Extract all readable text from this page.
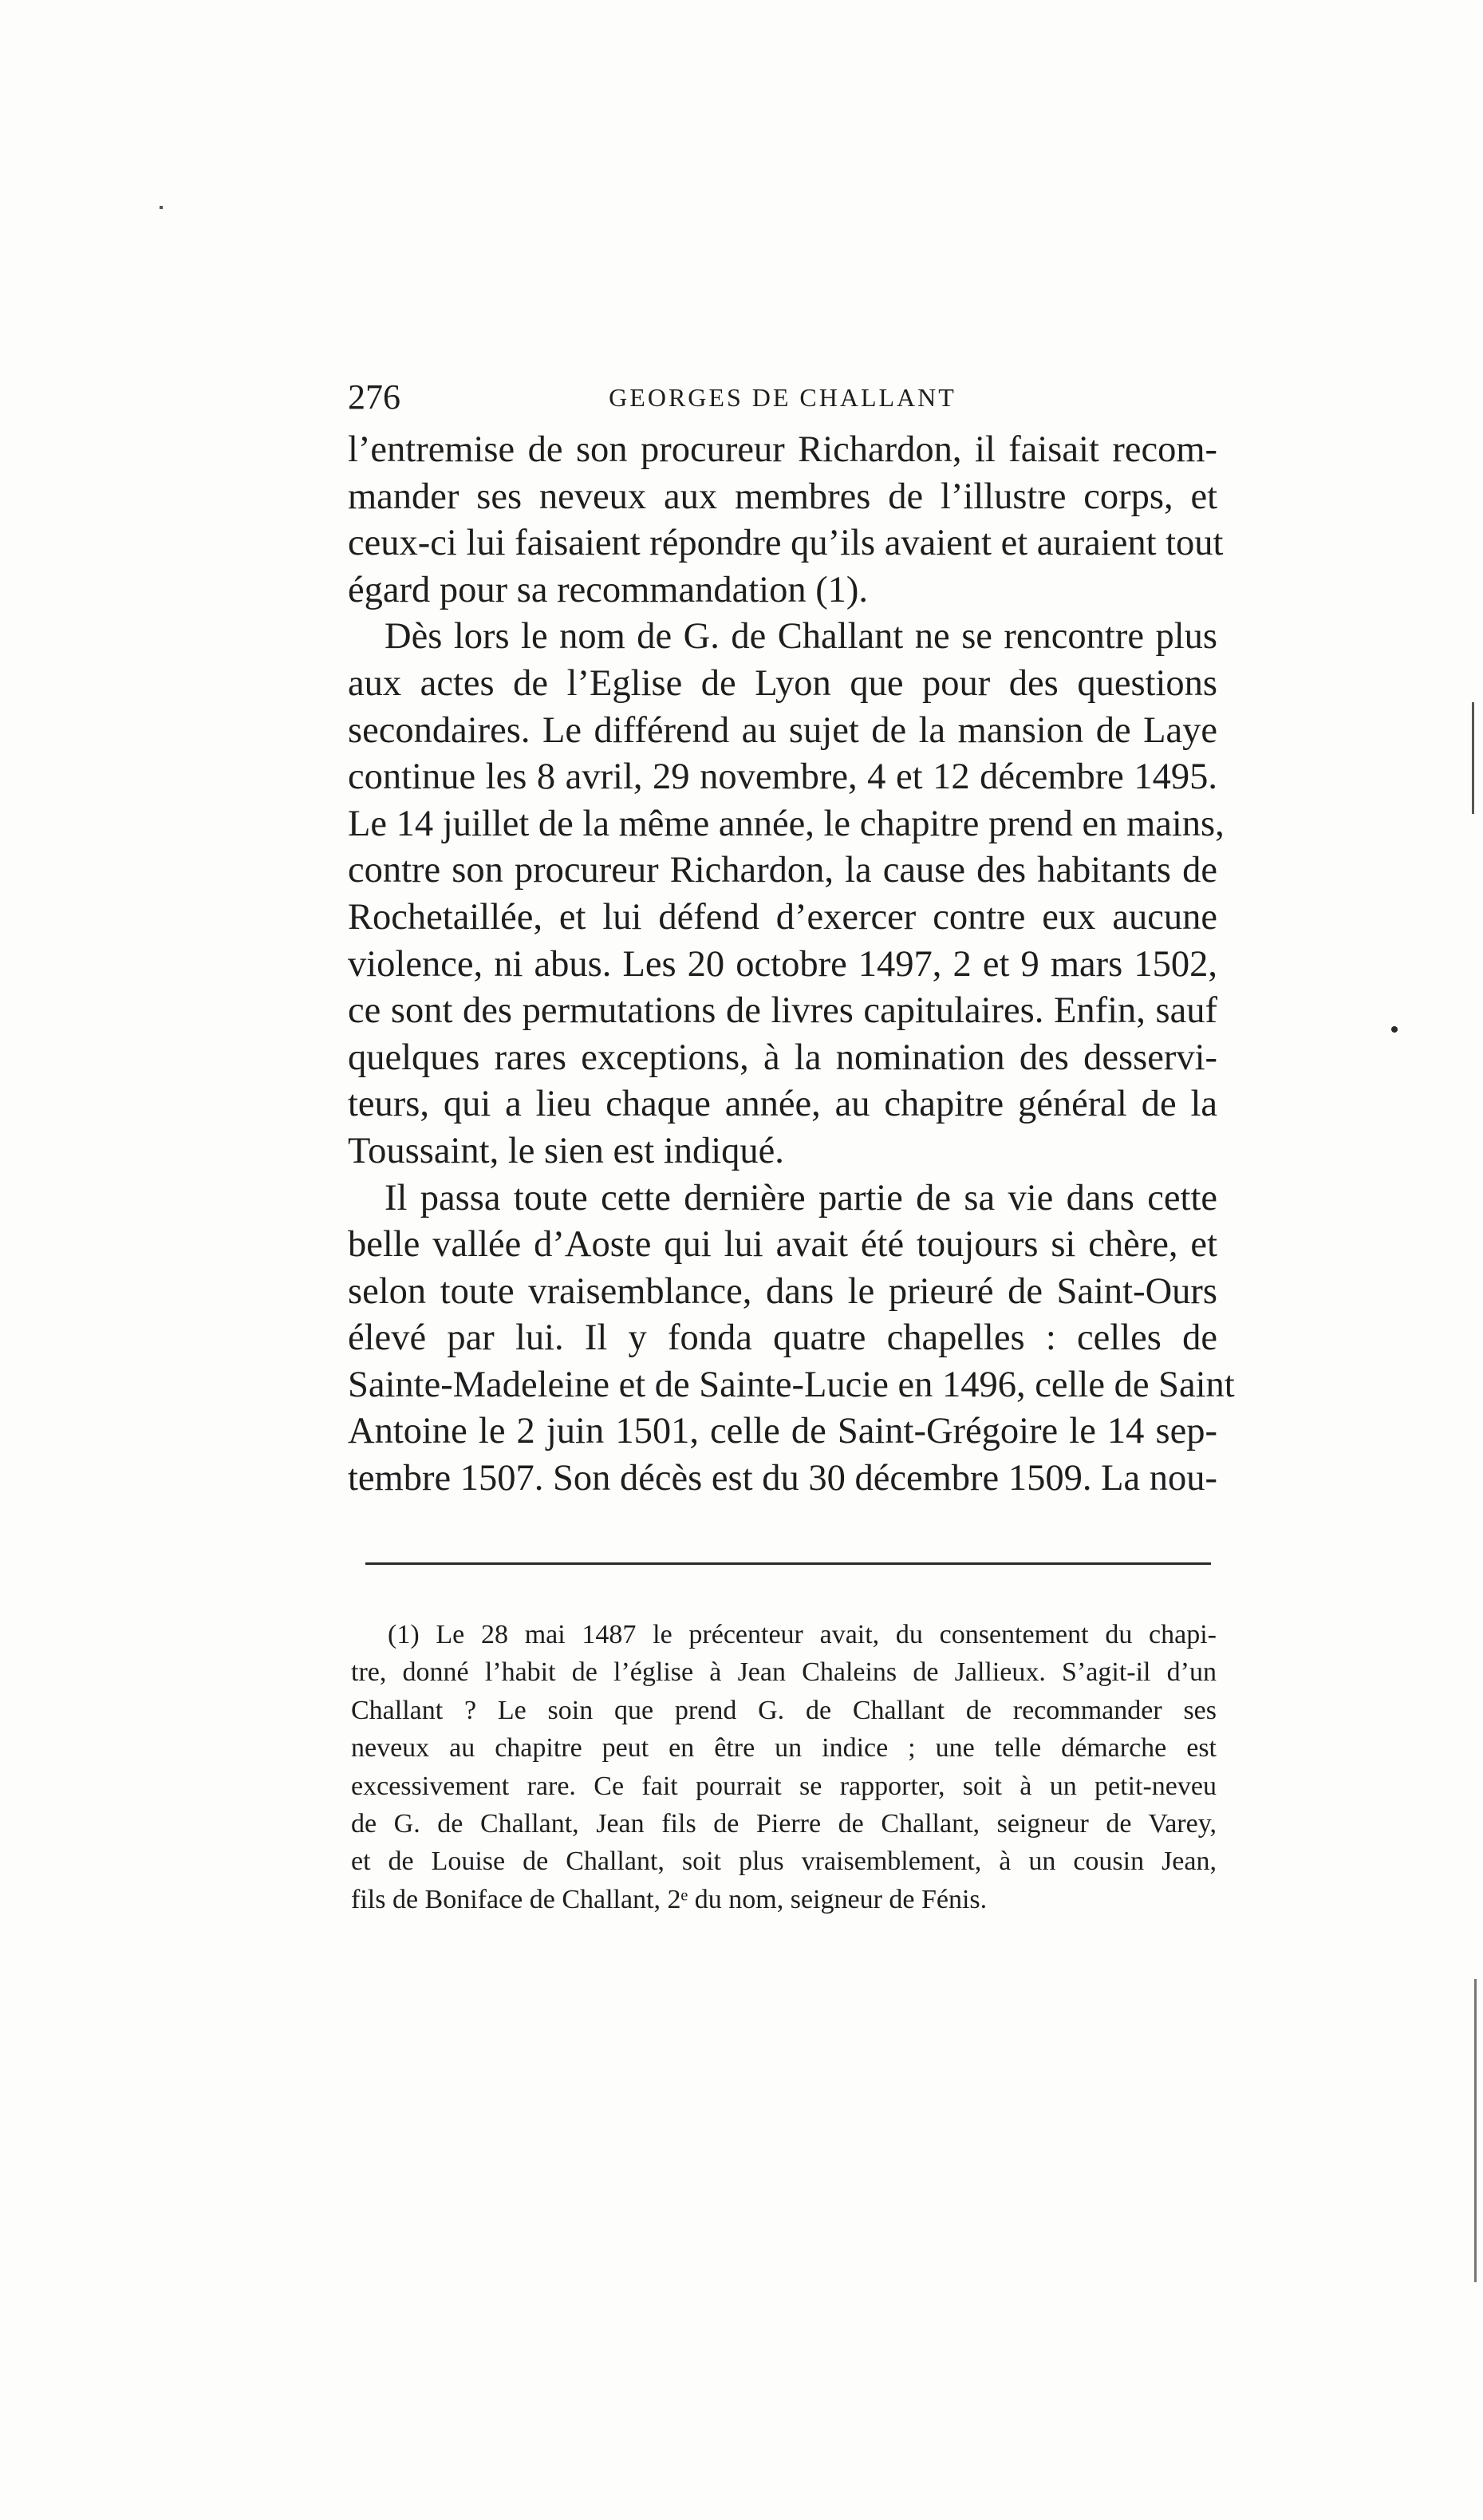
276	GEORGES DE CHALLANT
l’entremise de son procureur Richardon, il faisait recom-
mander ses neveux aux membres de l’illustre corps, et
ceux-ci lui faisaient répondre qu’ils avaient et auraient tout
égard pour sa recommandation (1).
Dès lors le nom de G. de Challant ne se rencontre plus
aux actes de l’Eglise de Lyon que pour des questions
secondaires. Le différend au sujet de la mansion de Laye
continue les 8 avril, 29 novembre, 4 et 12 décembre 1495.
Le 14 juillet de la même année, le chapitre prend en mains,
contre son procureur Richardon, la cause des habitants de
Rochetaillée, et lui défend d’exercer contre eux aucune
violence, ni abus. Les 20 octobre 1497, 2 et 9 mars 1502,
ce sont des permutations de livres capitulaires. Enfin, sauf
quelques rares exceptions, à la nomination des desservi-
teurs, qui a lieu chaque année, au chapitre général de la
Toussaint, le sien est indiqué.
Il passa toute cette dernière partie de sa vie dans cette
belle vallée d’Aoste qui lui avait été toujours si chère, et
selon toute vraisemblance, dans le prieuré de Saint-Ours
élevé par lui. Il y fonda quatre chapelles : celles de
Sainte-Madeleine et de Sainte-Lucie en 1496, celle de Saint
Antoine le 2 juin 1501, celle de Saint-Grégoire le 14 sep-
tembre 1507. Son décès est du 30 décembre 1509. La nou-
(1) Le 28 mai 1487 le précenteur avait, du consentement du chapi-
tre, donné l’habit de l’église à Jean Chaleins de Jallieux. S’agit-il d’un
Challant ? Le soin que prend G. de Challant de recommander ses
neveux au chapitre peut en être un indice ; une telle démarche est
excessivement rare. Ce fait pourrait se rapporter, soit à un petit-neveu
de G. de Challant, Jean fils de Pierre de Challant, seigneur de Varey,
et de Louise de Challant, soit plus vraisemblement, à un cousin Jean,
fils de Boniface de Challant, 2ᵉ du nom, seigneur de Fénis.
